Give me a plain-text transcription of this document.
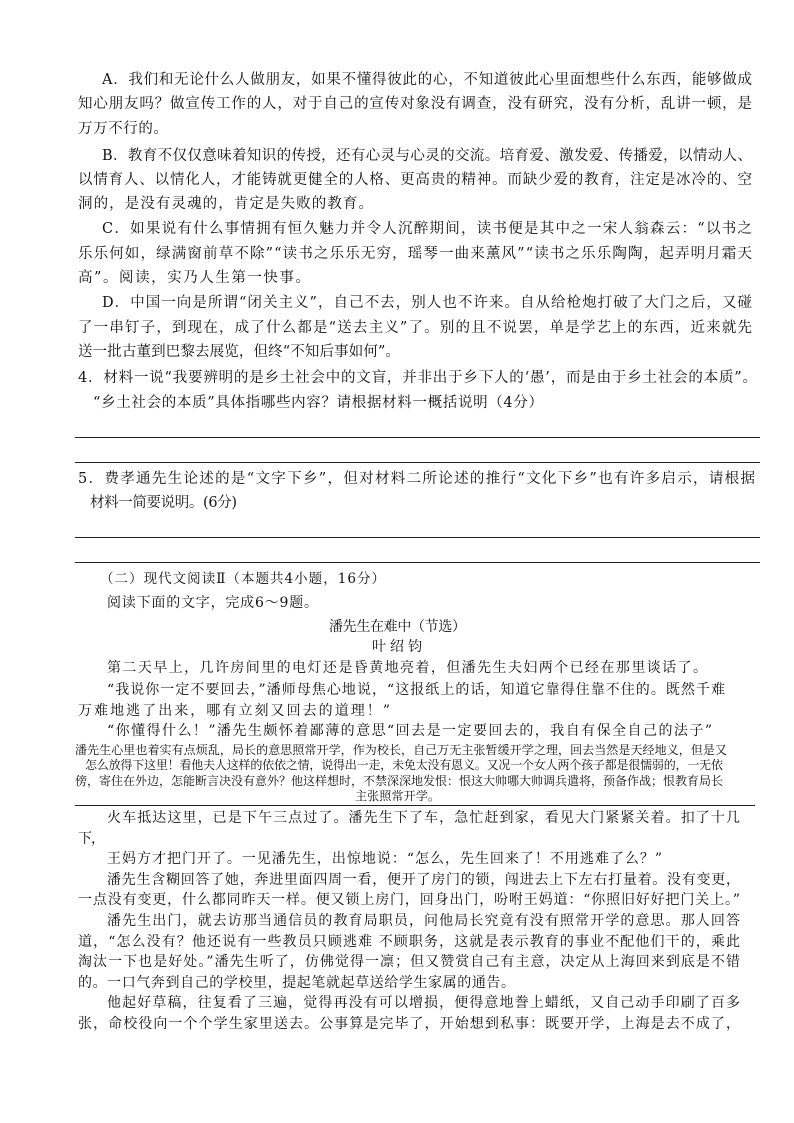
A．我们和无论什么人做朋友，如果不懂得彼此的心，不知道彼此心里面想些什么东西，能够做成
知心朋友吗？做宣传工作的人，对于自己的宣传对象没有调查，没有研究，没有分析，乱讲一顿，是
万万不行的。
B．教育不仅仅意味着知识的传授，还有心灵与心灵的交流。培育爱、激发爱、传播爱，以情动人、
以情育人、以情化人，才能铸就更健全的人格、更高贵的精神。而缺少爱的教育，注定是冰冷的、空
洞的，是没有灵魂的，肯定是失败的教育。
C．如果说有什么事情拥有恒久魅力并令人沉醉期间，读书便是其中之一宋人翁森云：“以书之
乐乐何如，绿满窗前草不除”“读书之乐乐无穷，瑶琴一曲来薰风”“读书之乐乐陶陶，起弄明月霜天
高”。阅读，实乃人生第一快事。
D．中国一向是所谓“闭关主义”，自己不去，别人也不许来。自从给枪炮打破了大门之后，又碰
了一串钉子，到现在，成了什么都是“送去主义”了。别的且不说罢，单是学艺上的东西，近来就先
送一批古董到巴黎去展览，但终“不知后事如何”。
4．材料一说“我要辨明的是乡土社会中的文盲，并非出于乡下人的‘愚’，而是由于乡土社会的本质”。
“乡土社会的本质”具体指哪些内容？请根据材料一概括说明（4分）
5．费孝通先生论述的是“文字下乡”，但对材料二所论述的推行“文化下乡”也有许多启示，请根据
材料一简要说明。(6分)
（二）现代文阅读Ⅱ（本题共4小题，16分）
阅读下面的文字，完成6～9题。
潘先生在难中（节选）
叶绍钧
第二天早上，几许房间里的电灯还是昏黄地亮着，但潘先生夫妇两个已经在那里谈话了。
“我说你一定不要回去，”潘师母焦心地说，“这报纸上的话，知道它靠得住靠不住的。既然千难
万难地逃了出来，哪有立刻又回去的道理！”
“你懂得什么！”潘先生颇怀着鄙薄的意思“回去是一定要回去的，我自有保全自己的法子”
潘先生心里也着实有点烦乱，局长的意思照常开学，作为校长，自己万无主张暂缓开学之理，回去当然是天经地义，但是又
怎么放得下这里！看他夫人这样的依依之情，说得出一走，未免太没有恩义。又况一个女人两个孩子都是很懦弱的，一无依
傍，寄住在外边，怎能断言决没有意外？他这样想时，不禁深深地发恨：恨这大帅哪大帅调兵遣将，预备作战；恨教育局长
主张照常开学。
火车抵达这里，已是下午三点过了。潘先生下了车，急忙赶到家，看见大门紧紧关着。扣了十几
下，
王妈方才把门开了。一见潘先生，出惊地说：“怎么，先生回来了！不用逃难了么？”
潘先生含糊回答了她，奔进里面四周一看，便开了房门的锁，闯进去上下左右打量着。没有变更，
一点没有变更，什么都同昨天一样。便又锁上房门，回身出门，吩咐王妈道：“你照旧好好把门关上。”
潘先生出门，就去访那当通信员的教育局职员，问他局长究竟有没有照常开学的意思。那人回答
道，“怎么没有？他还说有一些教员只顾逃难 不顾职务，这就是表示教育的事业不配他们干的，乘此
淘汰一下也是好处。”潘先生听了，仿佛觉得一凛；但又赞赏自己有主意，决定从上海回来到底是不错
的。一口气奔到自己的学校里，提起笔就起草送给学生家属的通告。
他起好草稿，往复看了三遍，觉得再没有可以增损，便得意地誊上蜡纸，又自己动手印刷了百多
张，命校役向一个个学生家里送去。公事算是完毕了，开始想到私事：既要开学，上海是去不成了，
